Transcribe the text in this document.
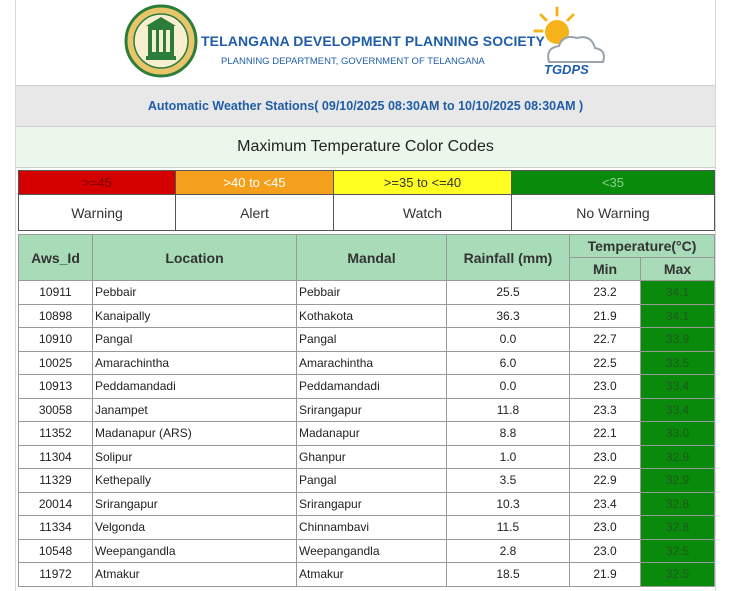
TELANGANA DEVELOPMENT PLANNING SOCIETY
PLANNING DEPARTMENT, GOVERNMENT OF TELANGANA
TGDPS
Automatic Weather Stations( 09/10/2025 08:30AM to 10/10/2025 08:30AM )
Maximum Temperature Color Codes
>=45	>40 to <45	>=35 to <=40	<35
Warning	Alert	Watch	No Warning
Aws_Id	Location	Mandal	Rainfall (mm)	Temperature(°C)	
				Min	Max
10911	Pebbair	Pebbair	25.5	23.2	34.1
10898	Kanaipally	Kothakota	36.3	21.9	34.1
10910	Pangal	Pangal	0.0	22.7	33.9
10025	Amarachintha	Amarachintha	6.0	22.5	33.5
10913	Peddamandadi	Peddamandadi	0.0	23.0	33.4
30058	Janampet	Srirangapur	11.8	23.3	33.4
11352	Madanapur (ARS)	Madanapur	8.8	22.1	33.0
11304	Solipur	Ghanpur	1.0	23.0	32.9
11329	Kethepally	Pangal	3.5	22.9	32.9
20014	Srirangapur	Srirangapur	10.3	23.4	32.8
11334	Velgonda	Chinnambavi	11.5	23.0	32.8
10548	Weepangandla	Weepangandla	2.8	23.0	32.5
11972	Atmakur	Atmakur	18.5	21.9	32.5
